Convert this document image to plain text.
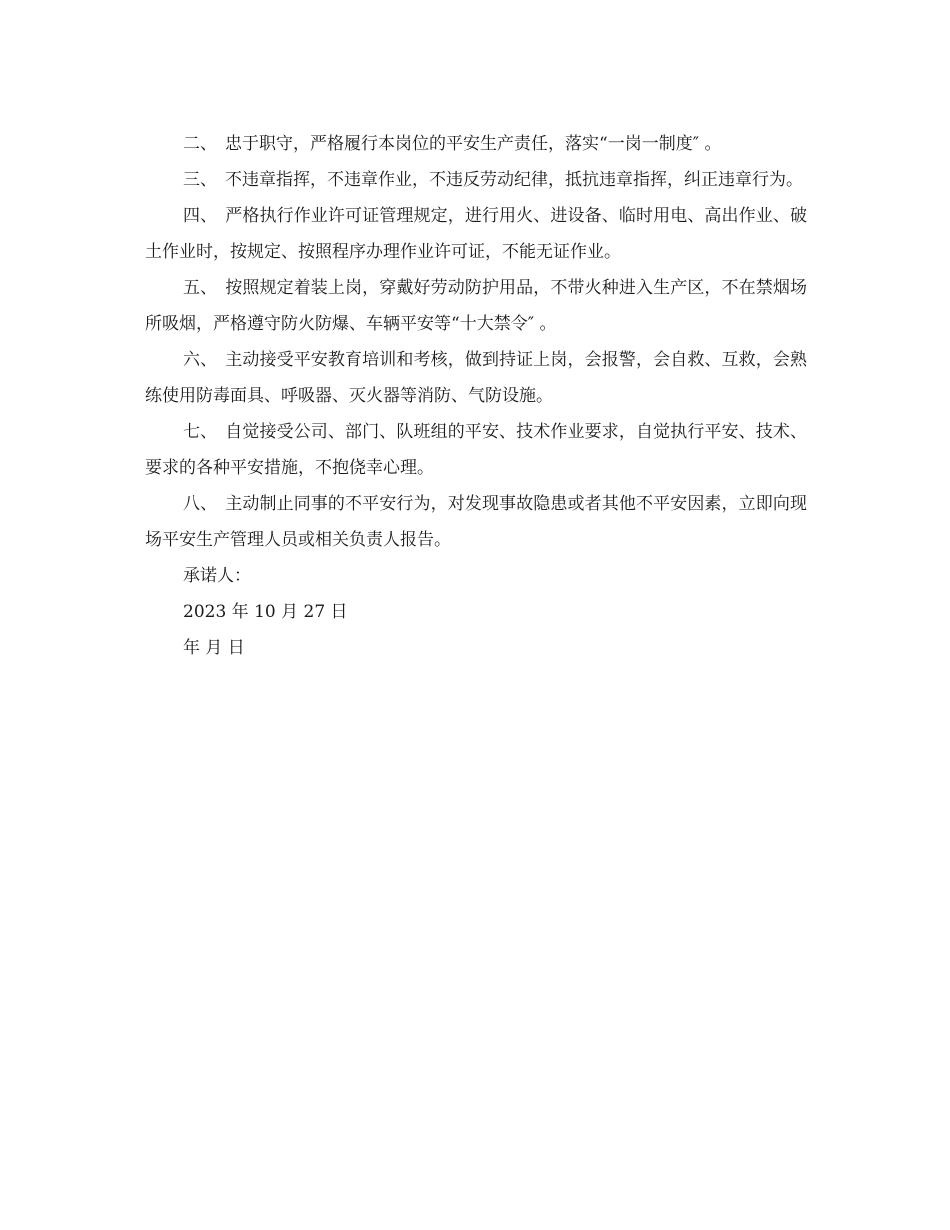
二、 忠于职守，严格履行本岗位的平安生产责任，落实“一岗一制度″ 。

三、 不违章指挥，不违章作业，不违反劳动纪律，抵抗违章指挥，纠正违章行为。

四、 严格执行作业许可证管理规定，进行用火、进设备、临时用电、高出作业、破土作业时，按规定、按照程序办理作业许可证，不能无证作业。

五、 按照规定着装上岗，穿戴好劳动防护用品，不带火种进入生产区，不在禁烟场所吸烟，严格遵守防火防爆、车辆平安等“十大禁令″ 。

六、 主动接受平安教育培训和考核，做到持证上岗，会报警，会自救、互救，会熟练使用防毒面具、呼吸器、灭火器等消防、气防设施。

七、 自觉接受公司、部门、队班组的平安、技术作业要求，自觉执行平安、技术、要求的各种平安措施，不抱侥幸心理。

八、 主动制止同事的不平安行为，对发现事故隐患或者其他不平安因素，立即向现场平安生产管理人员或相关负责人报告。

承诺人：

2023 年 10 月 27 日

年 月 日
